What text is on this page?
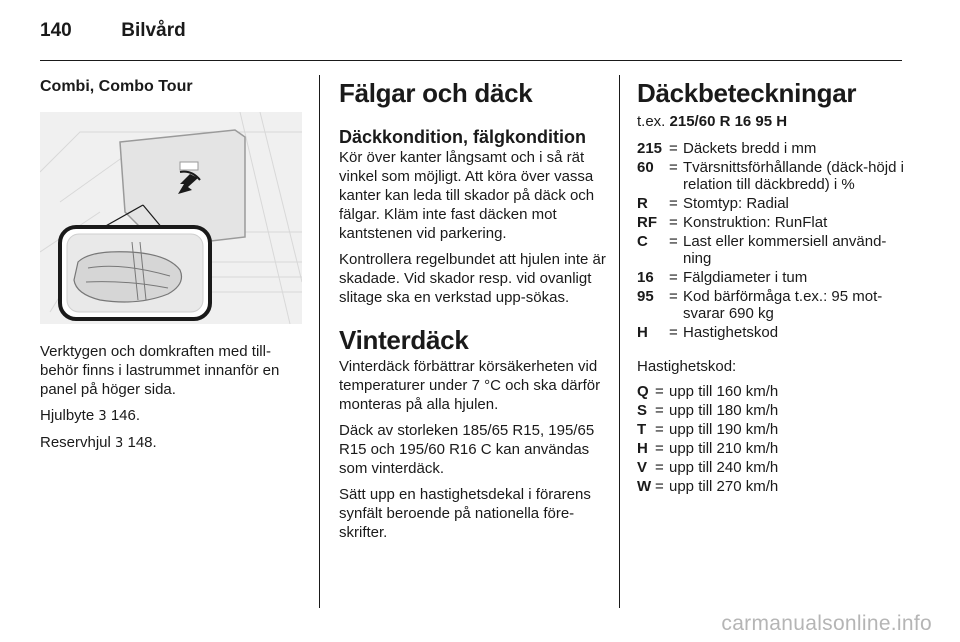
140	Bilvård
Combi, Combo Tour

Verktygen och domkraften med till-behör finns i lastrummet innanför en panel på höger sida.

Hjulbyte 3 146.

Reservhjul 3 148.

Fälgar och däck
Däckkondition, fälgkondition

Kör över kanter långsamt och i så rät vinkel som möjligt. Att köra över vassa kanter kan leda till skador på däck och fälgar. Kläm inte fast däcken mot kantstenen vid parkering.

Kontrollera regelbundet att hjulen inte är skadade. Vid skador resp. vid ovanligt slitage ska en verkstad upp-sökas.

Vinterdäck

Vinterdäck förbättrar körsäkerheten vid temperaturer under 7 °C och ska därför monteras på alla hjulen.

Däck av storleken 185/65 R15, 195/65 R15 och 195/60 R16 C kan användas som vinterdäck.

Sätt upp en hastighetsdekal i förarens synfält beroende på nationella före-skrifter.

Däckbeteckningar
t.ex. 215/60 R 16 95 H
215	=	Däckets bredd i mm
60	=	Tvärsnittsförhållande (däck-höjd i relation till däckbredd) i %
R	=	Stomtyp: Radial
RF	=	Konstruktion: RunFlat
C	=	Last eller kommersiell använd-ning
16	=	Fälgdiameter i tum
95	=	Kod bärförmåga t.ex.: 95 mot-svarar 690 kg
H	=	Hastighetskod

Hastighetskod:

Q	=	upp till 160 km/h
S	=	upp till 180 km/h
T	=	upp till 190 km/h
H	=	upp till 210 km/h
V	=	upp till 240 km/h
W	=	upp till 270 km/h
carmanualsonline.info
